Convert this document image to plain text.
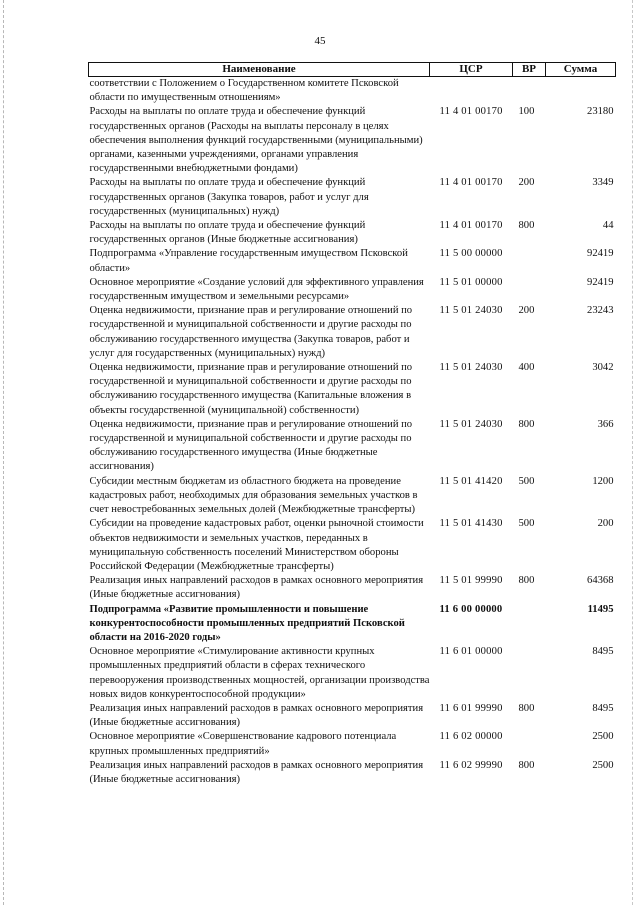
45
Наименование	ЦСР	ВР	Сумма
соответствии с Положением о Государственном комитете Псковской области по имущественным отношениям»			
Расходы на выплаты по оплате труда и обеспечение функций государственных органов (Расходы на выплаты персоналу в целях обеспечения выполнения функций государственными (муниципальными) органами, казенными учреждениями, органами управления государственными внебюджетными фондами)	11 4 01 00170	100	23180
Расходы на выплаты по оплате труда и обеспечение функций государственных органов (Закупка товаров, работ и услуг для государственных (муниципальных) нужд)	11 4 01 00170	200	3349
Расходы на выплаты по оплате труда и обеспечение функций государственных органов (Иные бюджетные ассигнования)	11 4 01 00170	800	44
Подпрограмма «Управление государственным имуществом Псковской области»	11 5 00 00000		92419
Основное мероприятие «Создание условий для эффективного управления государственным имуществом и земельными ресурсами»	11 5 01 00000		92419
Оценка недвижимости, признание прав и регулирование отношений по государственной и муниципальной собственности и другие расходы по обслуживанию государственного имущества (Закупка товаров, работ и услуг для государственных (муниципальных) нужд)	11 5 01 24030	200	23243
Оценка недвижимости, признание прав и регулирование отношений по государственной и муниципальной собственности и другие расходы по обслуживанию государственного имущества (Капитальные вложения в объекты государственной (муниципальной) собственности)	11 5 01 24030	400	3042
Оценка недвижимости, признание прав и регулирование отношений по государственной и муниципальной собственности и другие расходы по обслуживанию государственного имущества (Иные бюджетные ассигнования)	11 5 01 24030	800	366
Субсидии местным бюджетам из областного бюджета на проведение кадастровых работ, необходимых для образования земельных участков в счет невостребованных земельных долей (Межбюджетные трансферты)	11 5 01 41420	500	1200
Субсидии на проведение кадастровых работ, оценки рыночной стоимости объектов недвижимости и земельных участков, переданных в муниципальную собственность поселений Министерством обороны Российской Федерации (Межбюджетные трансферты)	11 5 01 41430	500	200
Реализация иных направлений расходов в рамках основного мероприятия (Иные бюджетные ассигнования)	11 5 01 99990	800	64368
Подпрограмма «Развитие промышленности и повышение конкурентоспособности промышленных предприятий Псковской области на 2016-2020 годы»	11 6 00 00000		11495
Основное мероприятие «Стимулирование активности крупных промышленных предприятий области в сферах технического перевооружения производственных мощностей, организации производства новых видов конкурентоспособной продукции»	11 6 01 00000		8495
Реализация иных направлений расходов в рамках основного мероприятия (Иные бюджетные ассигнования)	11 6 01 99990	800	8495
Основное мероприятие «Совершенствование кадрового потенциала крупных промышленных предприятий»	11 6 02 00000		2500
Реализация иных направлений расходов в рамках основного мероприятия (Иные бюджетные ассигнования)	11 6 02 99990	800	2500
